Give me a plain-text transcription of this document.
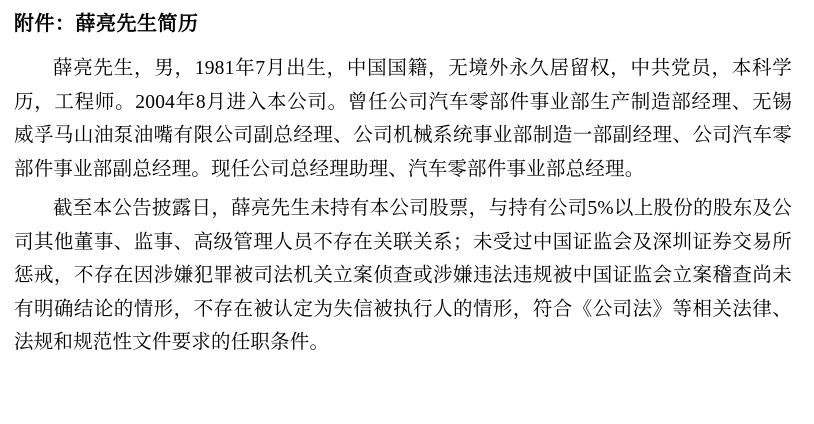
附件：薛亮先生简历

薛亮先生，男，1981年7月出生，中国国籍，无境外永久居留权，中共党员，本科学历，工程师。2004年8月进入本公司。曾任公司汽车零部件事业部生产制造部经理、无锡威孚马山油泵油嘴有限公司副总经理、公司机械系统事业部制造一部副经理、公司汽车零部件事业部副总经理。现任公司总经理助理、汽车零部件事业部总经理。

截至本公告披露日，薛亮先生未持有本公司股票，与持有公司5%以上股份的股东及公司其他董事、监事、高级管理人员不存在关联关系；未受过中国证监会及深圳证券交易所惩戒，不存在因涉嫌犯罪被司法机关立案侦查或涉嫌违法违规被中国证监会立案稽查尚未有明确结论的情形，不存在被认定为失信被执行人的情形，符合《公司法》等相关法律、法规和规范性文件要求的任职条件。
